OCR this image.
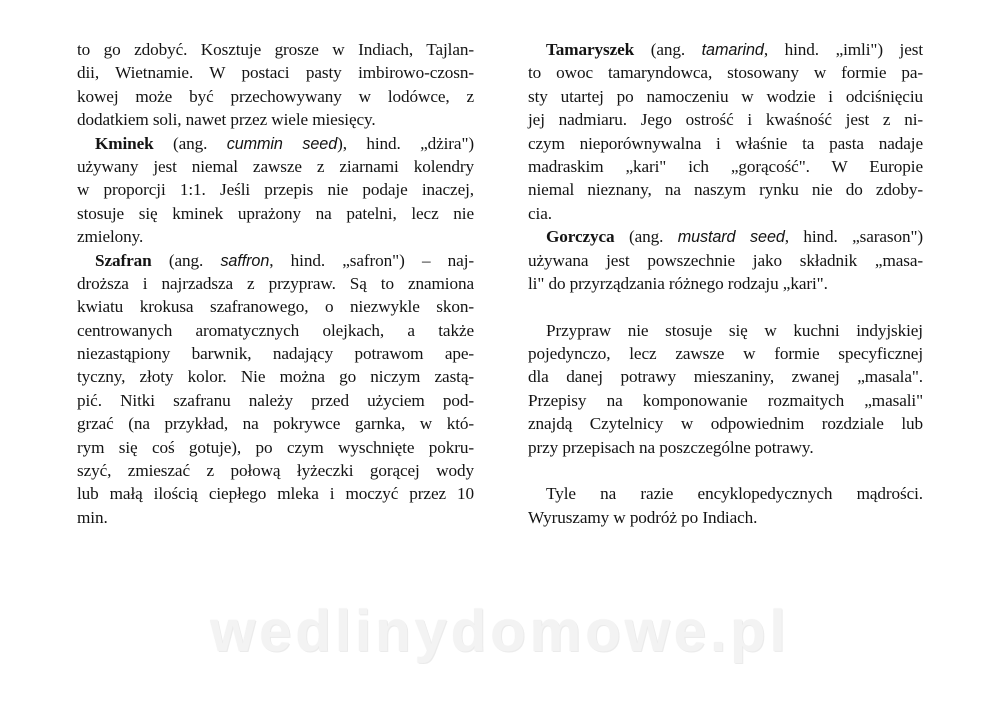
to go zdobyć. Kosztuje grosze w Indiach, Tajlan-
dii, Wietnamie. W postaci pasty imbirowo-czosn-
kowej może być przechowywany w lodówce, z
dodatkiem soli, nawet przez wiele miesięcy.
Kminek (ang. cummin seed), hind. „dżira")
używany jest niemal zawsze z ziarnami kolendry
w proporcji 1:1. Jeśli przepis nie podaje inaczej,
stosuje się kminek uprażony na patelni, lecz nie
zmielony.
Szafran (ang. saffron, hind. „safron") – naj-
droższa i najrzadsza z przypraw. Są to znamiona
kwiatu krokusa szafranowego, o niezwykle skon-
centrowanych aromatycznych olejkach, a także
niezastąpiony barwnik, nadający potrawom ape-
tyczny, złoty kolor. Nie można go niczym zastą-
pić. Nitki szafranu należy przed użyciem pod-
grzać (na przykład, na pokrywce garnka, w któ-
rym się coś gotuje), po czym wyschnięte pokru-
szyć, zmieszać z połową łyżeczki gorącej wody
lub małą ilością ciepłego mleka i moczyć przez 10
min.
Tamaryszek (ang. tamarind, hind. „imli") jest
to owoc tamaryndowca, stosowany w formie pa-
sty utartej po namoczeniu w wodzie i odciśnięciu
jej nadmiaru. Jego ostrość i kwaśność jest z ni-
czym nieporównywalna i właśnie ta pasta nadaje
madraskim „kari" ich „gorącość". W Europie
niemal nieznany, na naszym rynku nie do zdoby-
cia.
Gorczyca (ang. mustard seed, hind. „sarason")
używana jest powszechnie jako składnik „masa-
li" do przyrządzania różnego rodzaju „kari".
Przypraw nie stosuje się w kuchni indyjskiej
pojedynczo, lecz zawsze w formie specyficznej
dla danej potrawy mieszaniny, zwanej „masala".
Przepisy na komponowanie rozmaitych „masali"
znajdą Czytelnicy w odpowiednim rozdziale lub
przy przepisach na poszczególne potrawy.
Tyle na razie encyklopedycznych mądrości.
Wyruszamy w podróż po Indiach.
wedlinydomowe.pl
